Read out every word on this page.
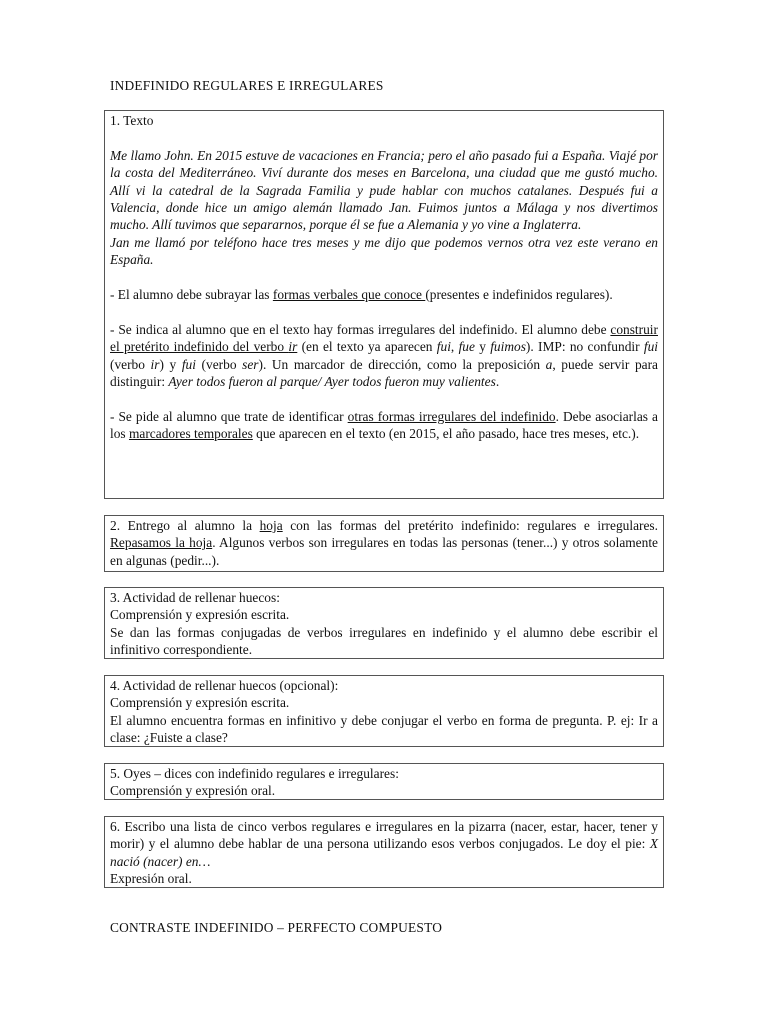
INDEFINIDO REGULARES E IRREGULARES

1. Texto

Me llamo John. En 2015 estuve de vacaciones en Francia; pero el año pasado fui a España. Viajé por la costa del Mediterráneo. Viví durante dos meses en Barcelona, una ciudad que me gustó mucho. Allí vi la catedral de la Sagrada Familia y pude hablar con muchos catalanes. Después fui a Valencia, donde hice un amigo alemán llamado Jan. Fuimos juntos a Málaga y nos divertimos mucho. Allí tuvimos que separarnos, porque él se fue a Alemania y yo vine a Inglaterra.

Jan me llamó por teléfono hace tres meses y me dijo que podemos vernos otra vez este verano en España.

- El alumno debe subrayar las formas verbales que conoce (presentes e indefinidos regulares).

- Se indica al alumno que en el texto hay formas irregulares del indefinido. El alumno debe construir el pretérito indefinido del verbo ir (en el texto ya aparecen fui, fue y fuimos). IMP: no confundir fui (verbo ir) y fui (verbo ser). Un marcador de dirección, como la preposición a, puede servir para distinguir: Ayer todos fueron al parque/ Ayer todos fueron muy valientes.

- Se pide al alumno que trate de identificar otras formas irregulares del indefinido. Debe asociarlas a los marcadores temporales que aparecen en el texto (en 2015, el año pasado, hace tres meses, etc.).

2. Entrego al alumno la hoja con las formas del pretérito indefinido: regulares e irregulares. Repasamos la hoja. Algunos verbos son irregulares en todas las personas (tener...) y otros solamente en algunas (pedir...).

3. Actividad de rellenar huecos:

Comprensión y expresión escrita.

Se dan las formas conjugadas de verbos irregulares en indefinido y el alumno debe escribir el infinitivo correspondiente.

4. Actividad de rellenar huecos (opcional):

Comprensión y expresión escrita.

El alumno encuentra formas en infinitivo y debe conjugar el verbo en forma de pregunta. P. ej: Ir a clase: ¿Fuiste a clase?

5. Oyes – dices con indefinido regulares e irregulares:

Comprensión y expresión oral.

6. Escribo una lista de cinco verbos regulares e irregulares en la pizarra (nacer, estar, hacer, tener y morir) y el alumno debe hablar de una persona utilizando esos verbos conjugados. Le doy el pie: X nació (nacer) en…

Expresión oral.

CONTRASTE INDEFINIDO – PERFECTO COMPUESTO
